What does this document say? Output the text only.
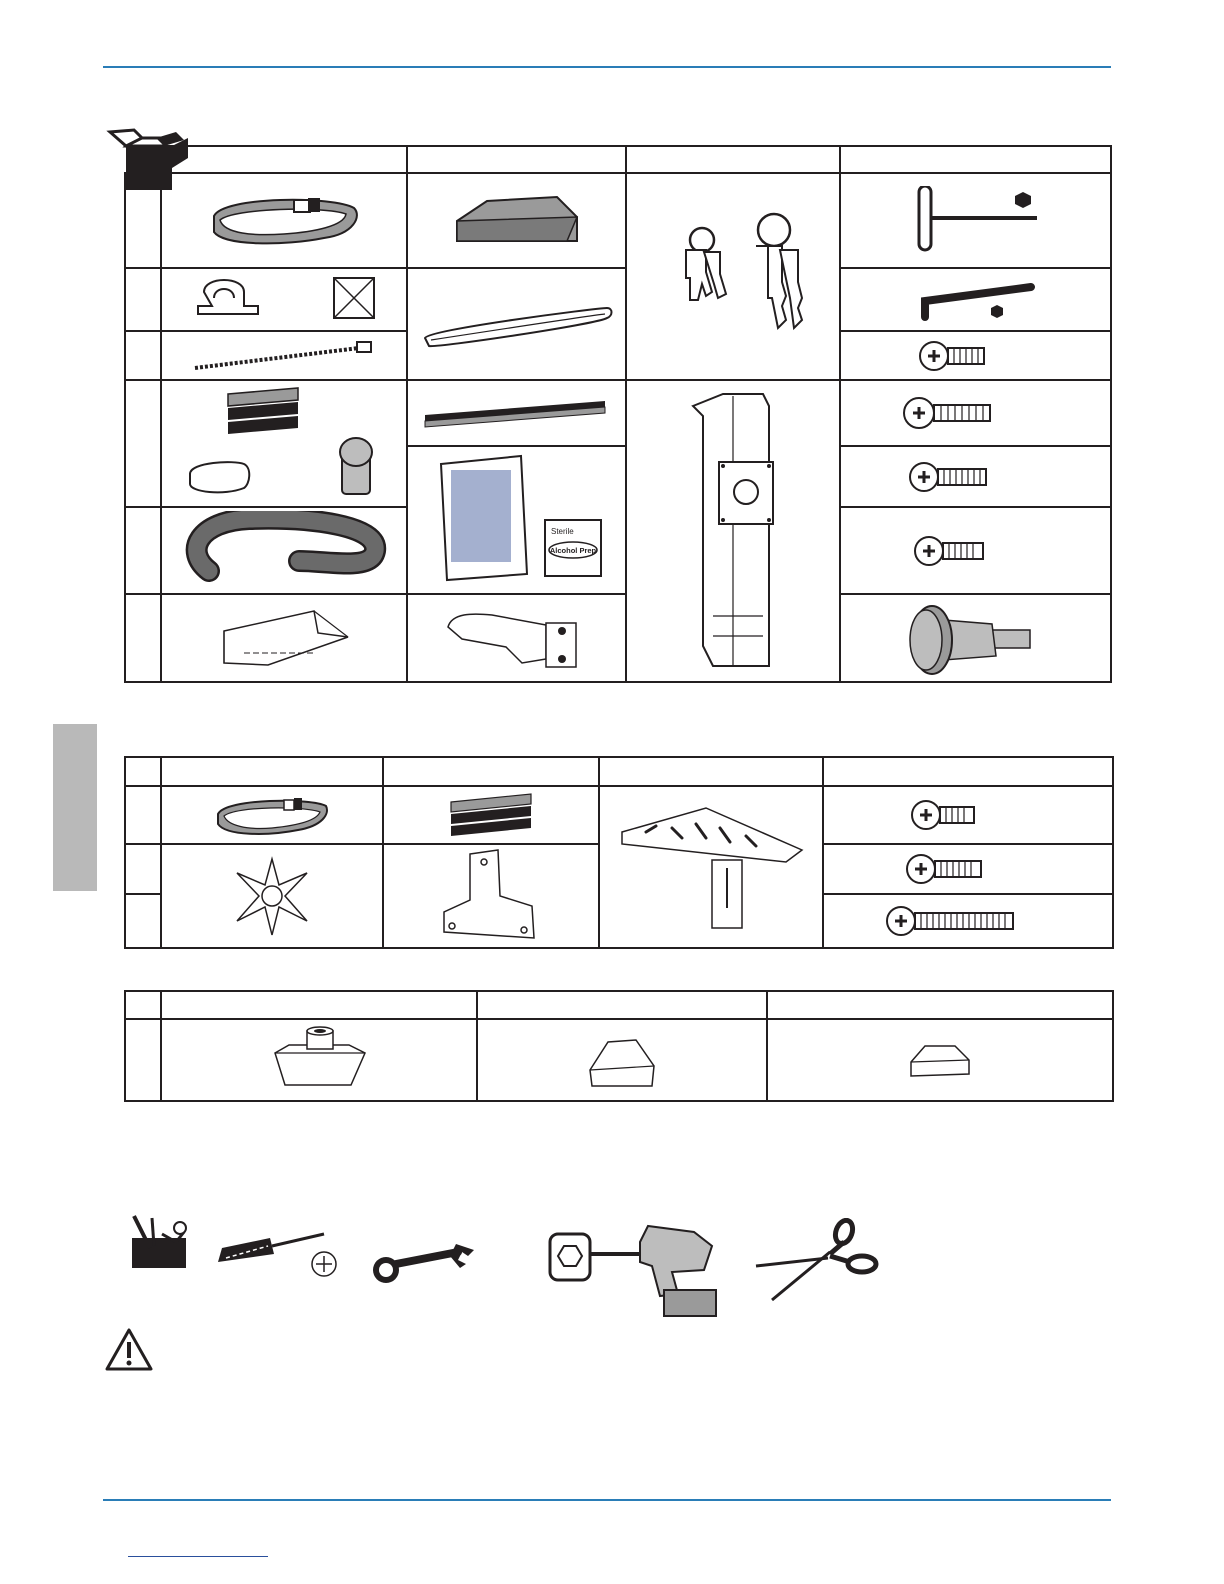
Sterile
Alcohol Prep
